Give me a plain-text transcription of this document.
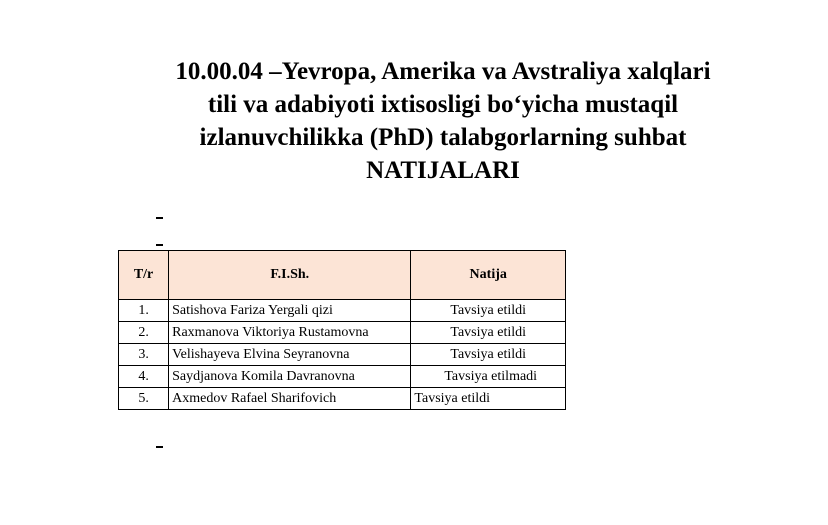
10.00.04 –Yevropa, Amerika va Avstraliya xalqlari
tili va adabiyoti ixtisosligi bo‘yicha mustaqil
izlanuvchilikka (PhD) talabgorlarning suhbat
NATIJALARI
T/r	F.I.Sh.	Natija
1.	Satishova Fariza Yergali qizi	Tavsiya etildi
2.	Raxmanova Viktoriya Rustamovna	Tavsiya etildi
3.	Velishayeva Elvina Seyranovna	Tavsiya etildi
4.	Saydjanova Komila Davranovna	Tavsiya etilmadi
5.	Axmedov Rafael Sharifovich	Tavsiya etildi
